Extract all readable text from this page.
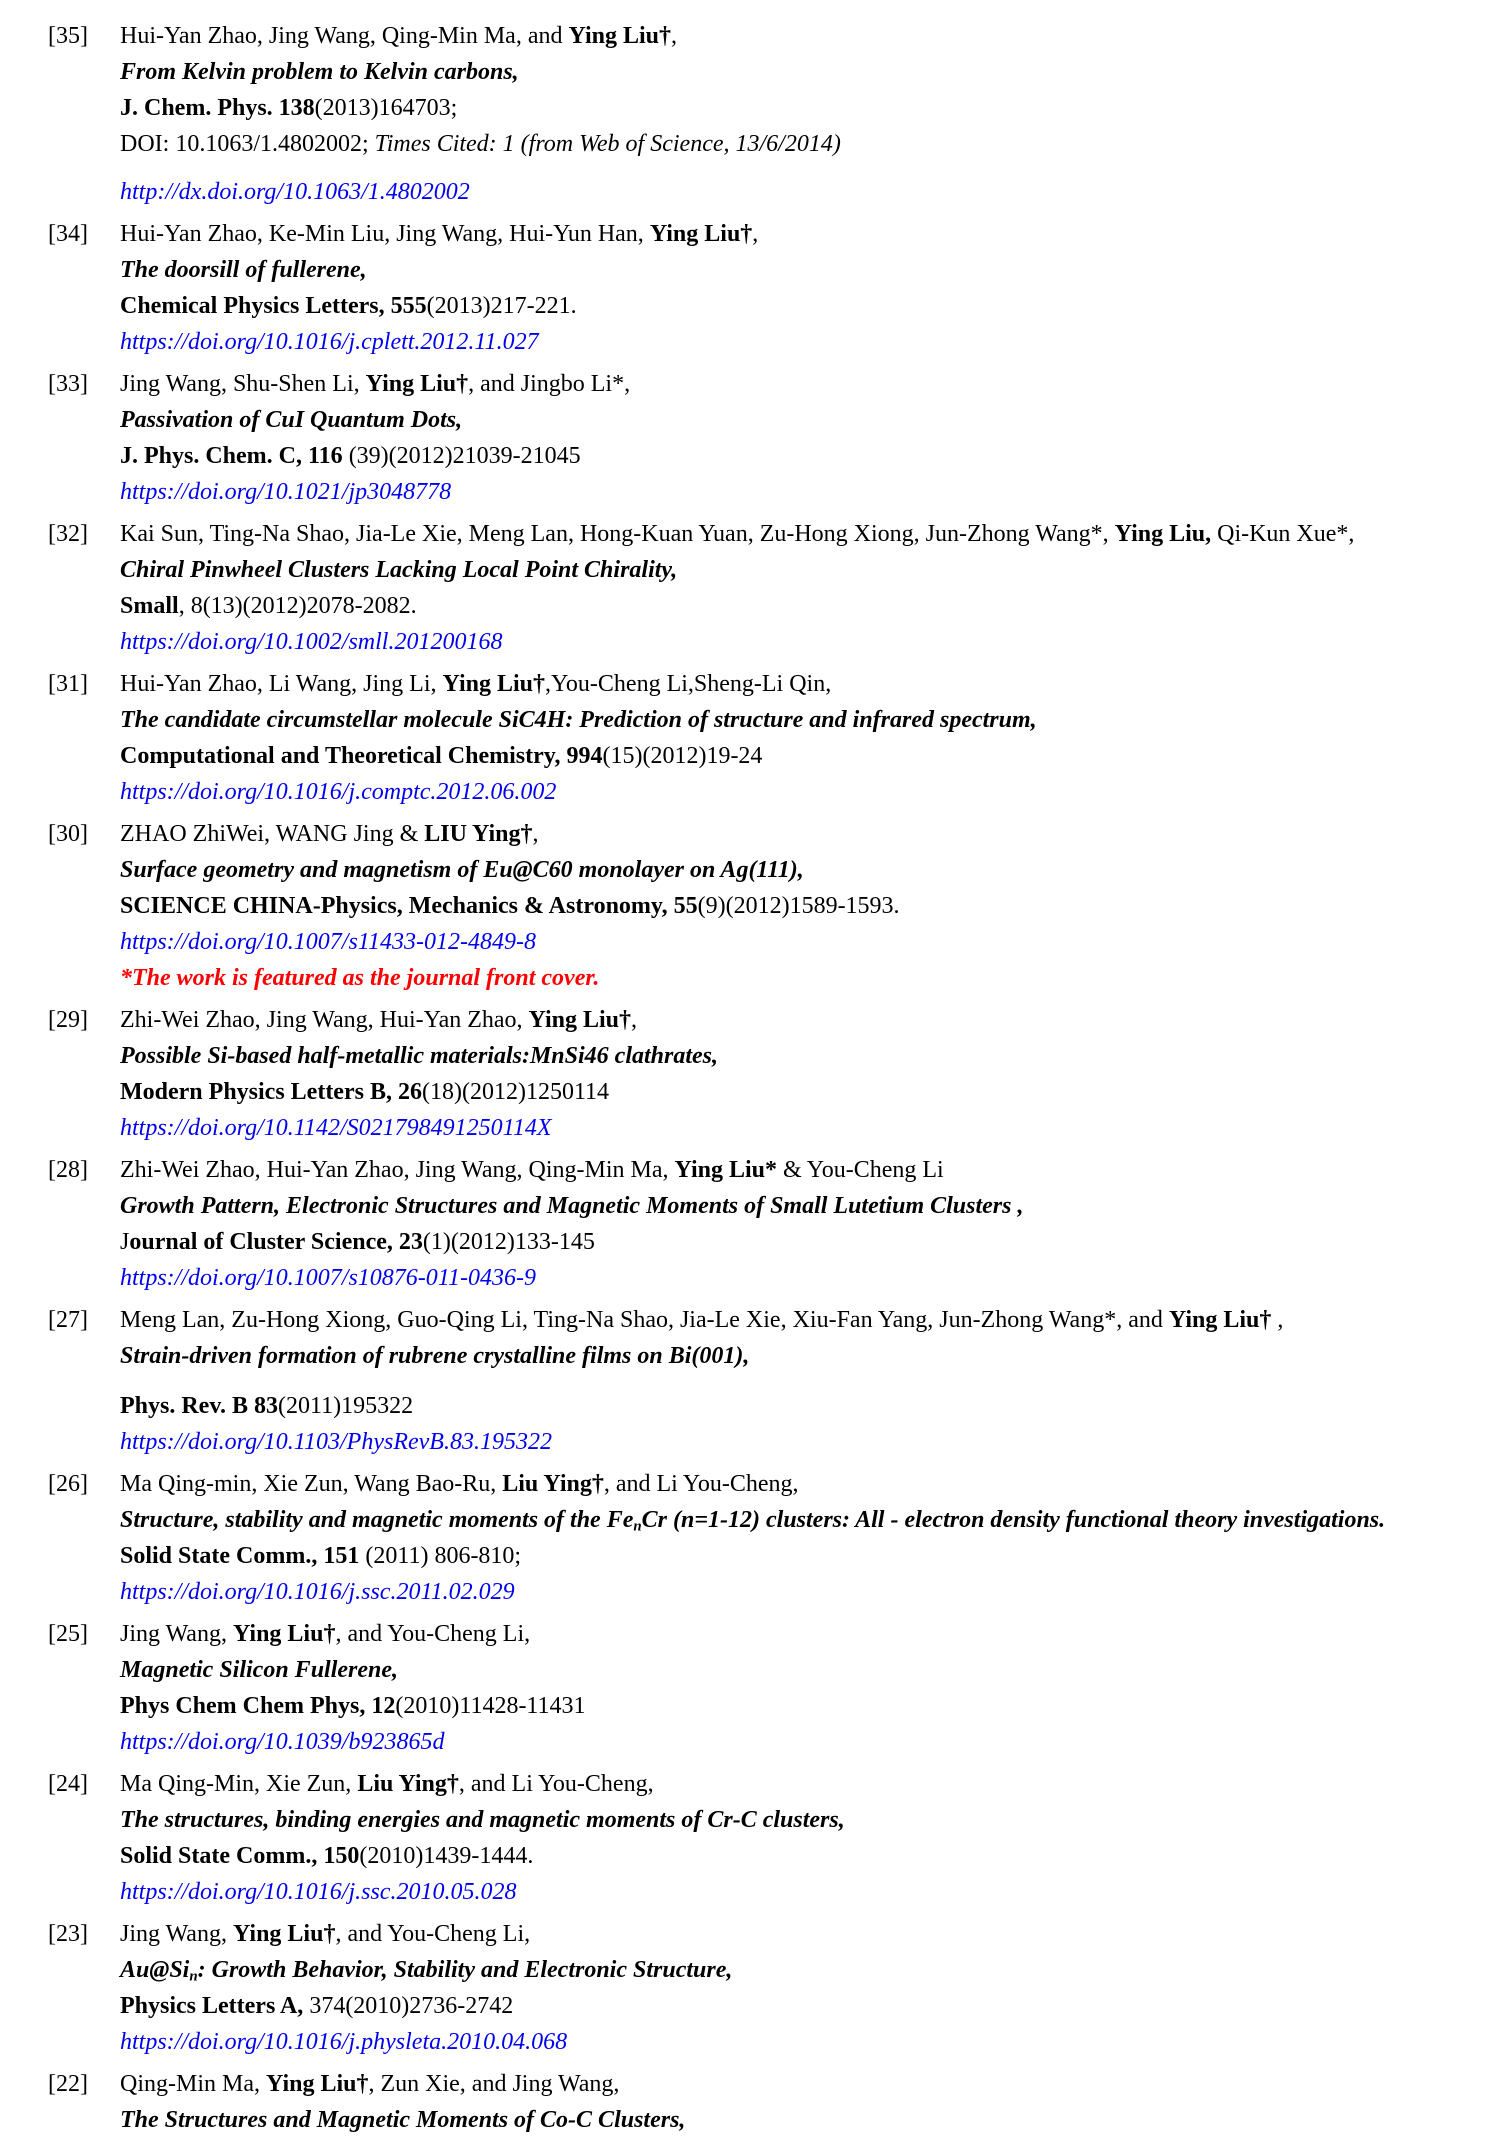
[35]	Hui-Yan Zhao, Jing Wang, Qing-Min Ma, and Ying Liu†,
From Kelvin problem to Kelvin carbons,
J. Chem. Phys. 138(2013)164703;
DOI: 10.1063/1.4802002; Times Cited: 1 (from Web of Science, 13/6/2014)
http://dx.doi.org/10.1063/1.4802002
[34]	Hui-Yan Zhao, Ke-Min Liu, Jing Wang, Hui-Yun Han, Ying Liu†,
The doorsill of fullerene,
Chemical Physics Letters, 555(2013)217-221.
https://doi.org/10.1016/j.cplett.2012.11.027
[33]	Jing Wang, Shu-Shen Li, Ying Liu†, and Jingbo Li*,
Passivation of CuI Quantum Dots,
J. Phys. Chem. C, 116 (39)(2012)21039-21045
https://doi.org/10.1021/jp3048778
[32]	Kai Sun, Ting-Na Shao, Jia-Le Xie, Meng Lan, Hong-Kuan Yuan, Zu-Hong Xiong, Jun-Zhong Wang*, Ying Liu, Qi-Kun Xue*,
Chiral Pinwheel Clusters Lacking Local Point Chirality,
Small, 8(13)(2012)2078-2082.
https://doi.org/10.1002/smll.201200168
[31]	Hui-Yan Zhao, Li Wang, Jing Li, Ying Liu†,You-Cheng Li,Sheng-Li Qin,
The candidate circumstellar molecule SiC4H: Prediction of structure and infrared spectrum,
Computational and Theoretical Chemistry, 994(15)(2012)19-24
https://doi.org/10.1016/j.comptc.2012.06.002
[30]	ZHAO ZhiWei, WANG Jing & LIU Ying†,
Surface geometry and magnetism of Eu@C60 monolayer on Ag(111),
SCIENCE CHINA-Physics, Mechanics & Astronomy, 55(9)(2012)1589-1593.
https://doi.org/10.1007/s11433-012-4849-8
*The work is featured as the journal front cover.
[29]	Zhi-Wei Zhao, Jing Wang, Hui-Yan Zhao, Ying Liu†,
Possible Si-based half-metallic materials:MnSi46 clathrates,
Modern Physics Letters B, 26(18)(2012)1250114
https://doi.org/10.1142/S021798491250114X
[28]	Zhi-Wei Zhao, Hui-Yan Zhao, Jing Wang, Qing-Min Ma, Ying Liu* & You-Cheng Li
Growth Pattern, Electronic Structures and Magnetic Moments of Small Lutetium Clusters ,
Journal of Cluster Science, 23(1)(2012)133-145
https://doi.org/10.1007/s10876-011-0436-9
[27]	Meng Lan, Zu-Hong Xiong, Guo-Qing Li, Ting-Na Shao, Jia-Le Xie, Xiu-Fan Yang, Jun-Zhong Wang*, and Ying Liu† ,
Strain-driven formation of rubrene crystalline films on Bi(001),
Phys. Rev. B 83(2011)195322
https://doi.org/10.1103/PhysRevB.83.195322
[26]	Ma Qing-min, Xie Zun, Wang Bao-Ru, Liu Ying†, and Li You-Cheng,
Structure, stability and magnetic moments of the $Fe_nCr$ (n=1-12) clusters: All - electron density functional theory investigations.
Solid State Comm., 151 (2011) 806-810;
https://doi.org/10.1016/j.ssc.2011.02.029
[25]	Jing Wang, Ying Liu†, and You-Cheng Li,
Magnetic Silicon Fullerene,
Phys Chem Chem Phys, 12(2010)11428-11431
https://doi.org/10.1039/b923865d
[24]	Ma Qing-Min, Xie Zun, Liu Ying†, and Li You-Cheng,
The structures, binding energies and magnetic moments of Cr-C clusters,
Solid State Comm., 150(2010)1439-1444.
https://doi.org/10.1016/j.ssc.2010.05.028
[23]	Jing Wang, Ying Liu†, and You-Cheng Li,
$Au@Si_n$: Growth Behavior, Stability and Electronic Structure,
Physics Letters A, 374(2010)2736-2742
https://doi.org/10.1016/j.physleta.2010.04.068
[22]	Qing-Min Ma, Ying Liu†, Zun Xie, and Jing Wang,
The Structures and Magnetic Moments of Co-C Clusters,
